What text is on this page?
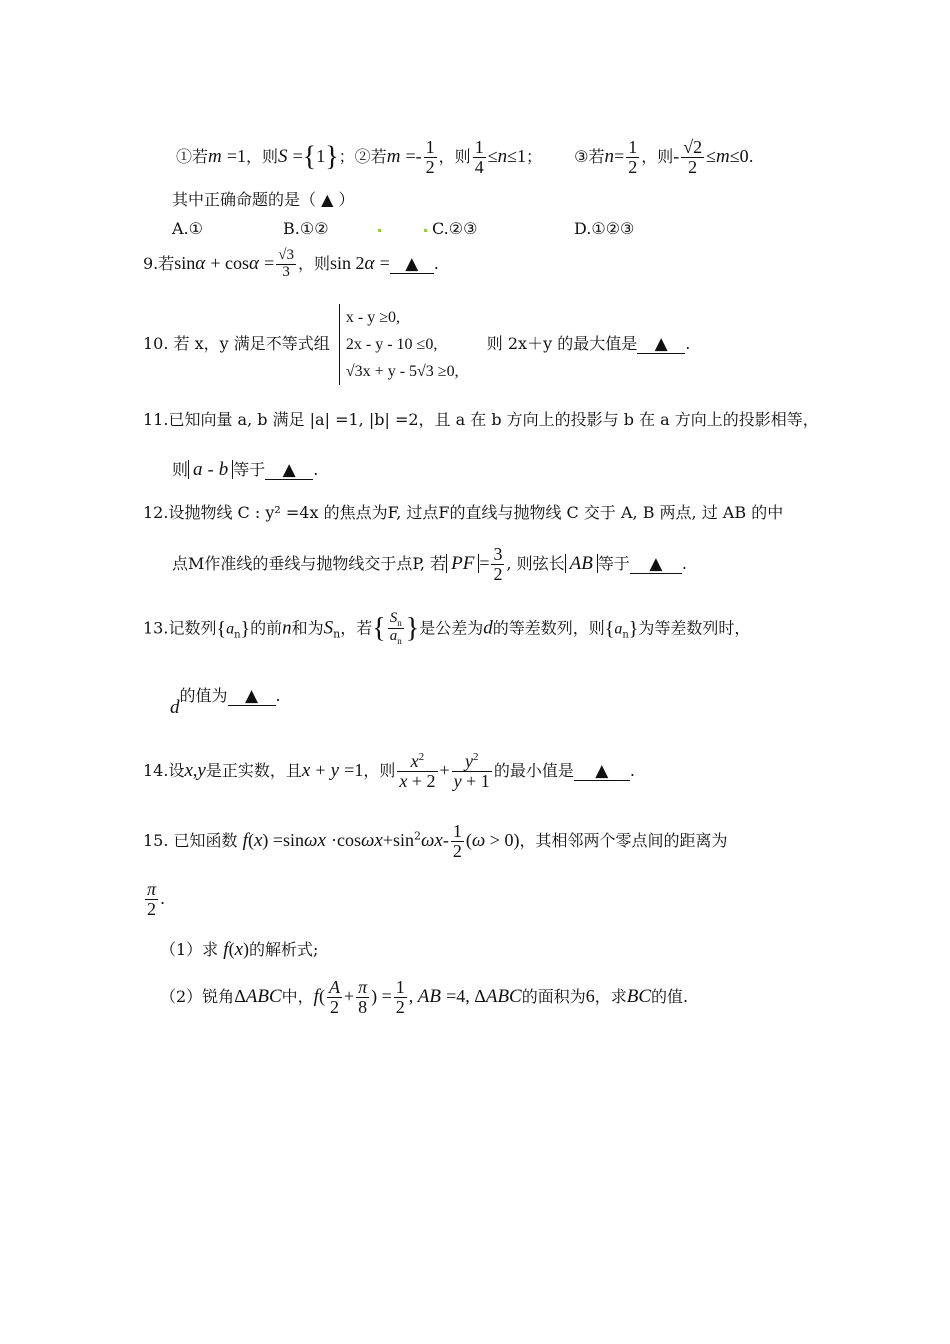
①若m =1，则S ={1}；②若$m =- \frac{1}{2}$ ，则 $\frac{1}{4} \le n\le 1$； ③若$n= \frac{1}{2}$ ，则- $\frac{√2}{2} \le m\le 0$.
其中正确命题的是（ ▲ ）
A.①	B.①②	C.②③	D.①②③
9.若$\sin\alpha + \cos\alpha = \frac{√3}{3}$ ，则sin 2α = ▲ .
10. 若 x，y 满足不等式组
x - y ≥0,
2x - y - 10 ≤0,
√3x + y - 5√3 ≥0,
则 2x＋y 的最大值是 ▲ .
11.已知向量 a, b 满足 |a| =1, |b| =2，且 a 在 b 方向上的投影与 b 在 a 方向上的投影相等，
则 a - b 等于 ▲ .
12.设抛物线 C : y² =4x 的焦点为F, 过点F的直线与抛物线 C 交于 A, B 两点, 过 AB 的中
点M作准线的垂线与抛物线交于点P, 若 PF = $\frac{3}{2}$ , 则弦长 AB 等于 ▲ .
13.记数列$\{a_n\}$的前n和为$S_n$，若{ $\frac{S_n}{a_n}$ }是公差为d的等差数列，则$\{a_n\}$为等差数列时，
d的值为 ▲ .
14.设x,y是正实数，且x + y =1，则 $\frac{x^2}{x + 2} + \frac{y^2}{y + 1}$ 的最小值是 ▲ .
15. 已知函数 $f(x) =\sin\omega x \cdot\cos\omega x+\sin^2\omega x- \frac{1}{2} (\omega > 0)$，其相邻两个零点间的距离为
$\frac{\pi}{2}$ .
（1）求 f(x)的解析式;
（2）锐角ΔABC中，$f( \frac{A}{2} + \frac{\pi}{8}$ ) = $\frac{1}{2}$ , AB =4, ΔABC的面积为6，求BC的值.
